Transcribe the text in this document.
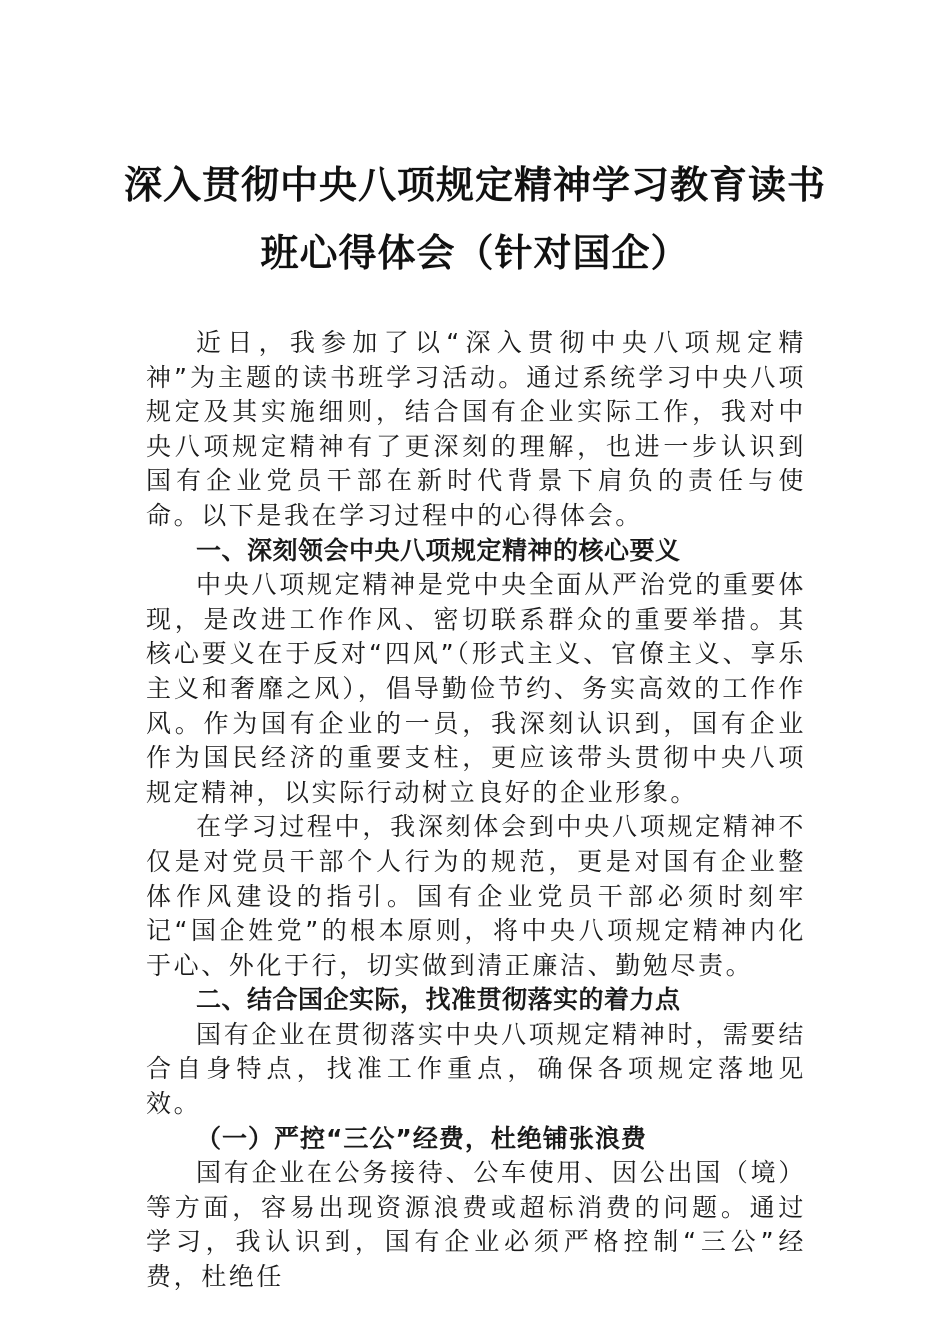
深入贯彻中央八项规定精神学习教育读书
班心得体会（针对国企）

近日，我参加了以“深入贯彻中央八项规定精神”为主题的读书班学习活动。通过系统学习中央八项规定及其实施细则，结合国有企业实际工作，我对中央八项规定精神有了更深刻的理解，也进一步认识到国有企业党员干部在新时代背景下肩负的责任与使命。以下是我在学习过程中的心得体会。

一、深刻领会中央八项规定精神的核心要义

中央八项规定精神是党中央全面从严治党的重要体现，是改进工作作风、密切联系群众的重要举措。其核心要义在于反对“四风”（形式主义、官僚主义、享乐主义和奢靡之风），倡导勤俭节约、务实高效的工作作风。作为国有企业的一员，我深刻认识到，国有企业作为国民经济的重要支柱，更应该带头贯彻中央八项规定精神，以实际行动树立良好的企业形象。

在学习过程中，我深刻体会到中央八项规定精神不仅是对党员干部个人行为的规范，更是对国有企业整体作风建设的指引。国有企业党员干部必须时刻牢记“国企姓党”的根本原则，将中央八项规定精神内化于心、外化于行，切实做到清正廉洁、勤勉尽责。

二、结合国企实际，找准贯彻落实的着力点

国有企业在贯彻落实中央八项规定精神时，需要结合自身特点，找准工作重点，确保各项规定落地见效。

（一）严控“三公”经费，杜绝铺张浪费

国有企业在公务接待、公车使用、因公出国（境）等方面，容易出现资源浪费或超标消费的问题。通过学习，我认识到，国有企业必须严格控制“三公”经费，杜绝任
